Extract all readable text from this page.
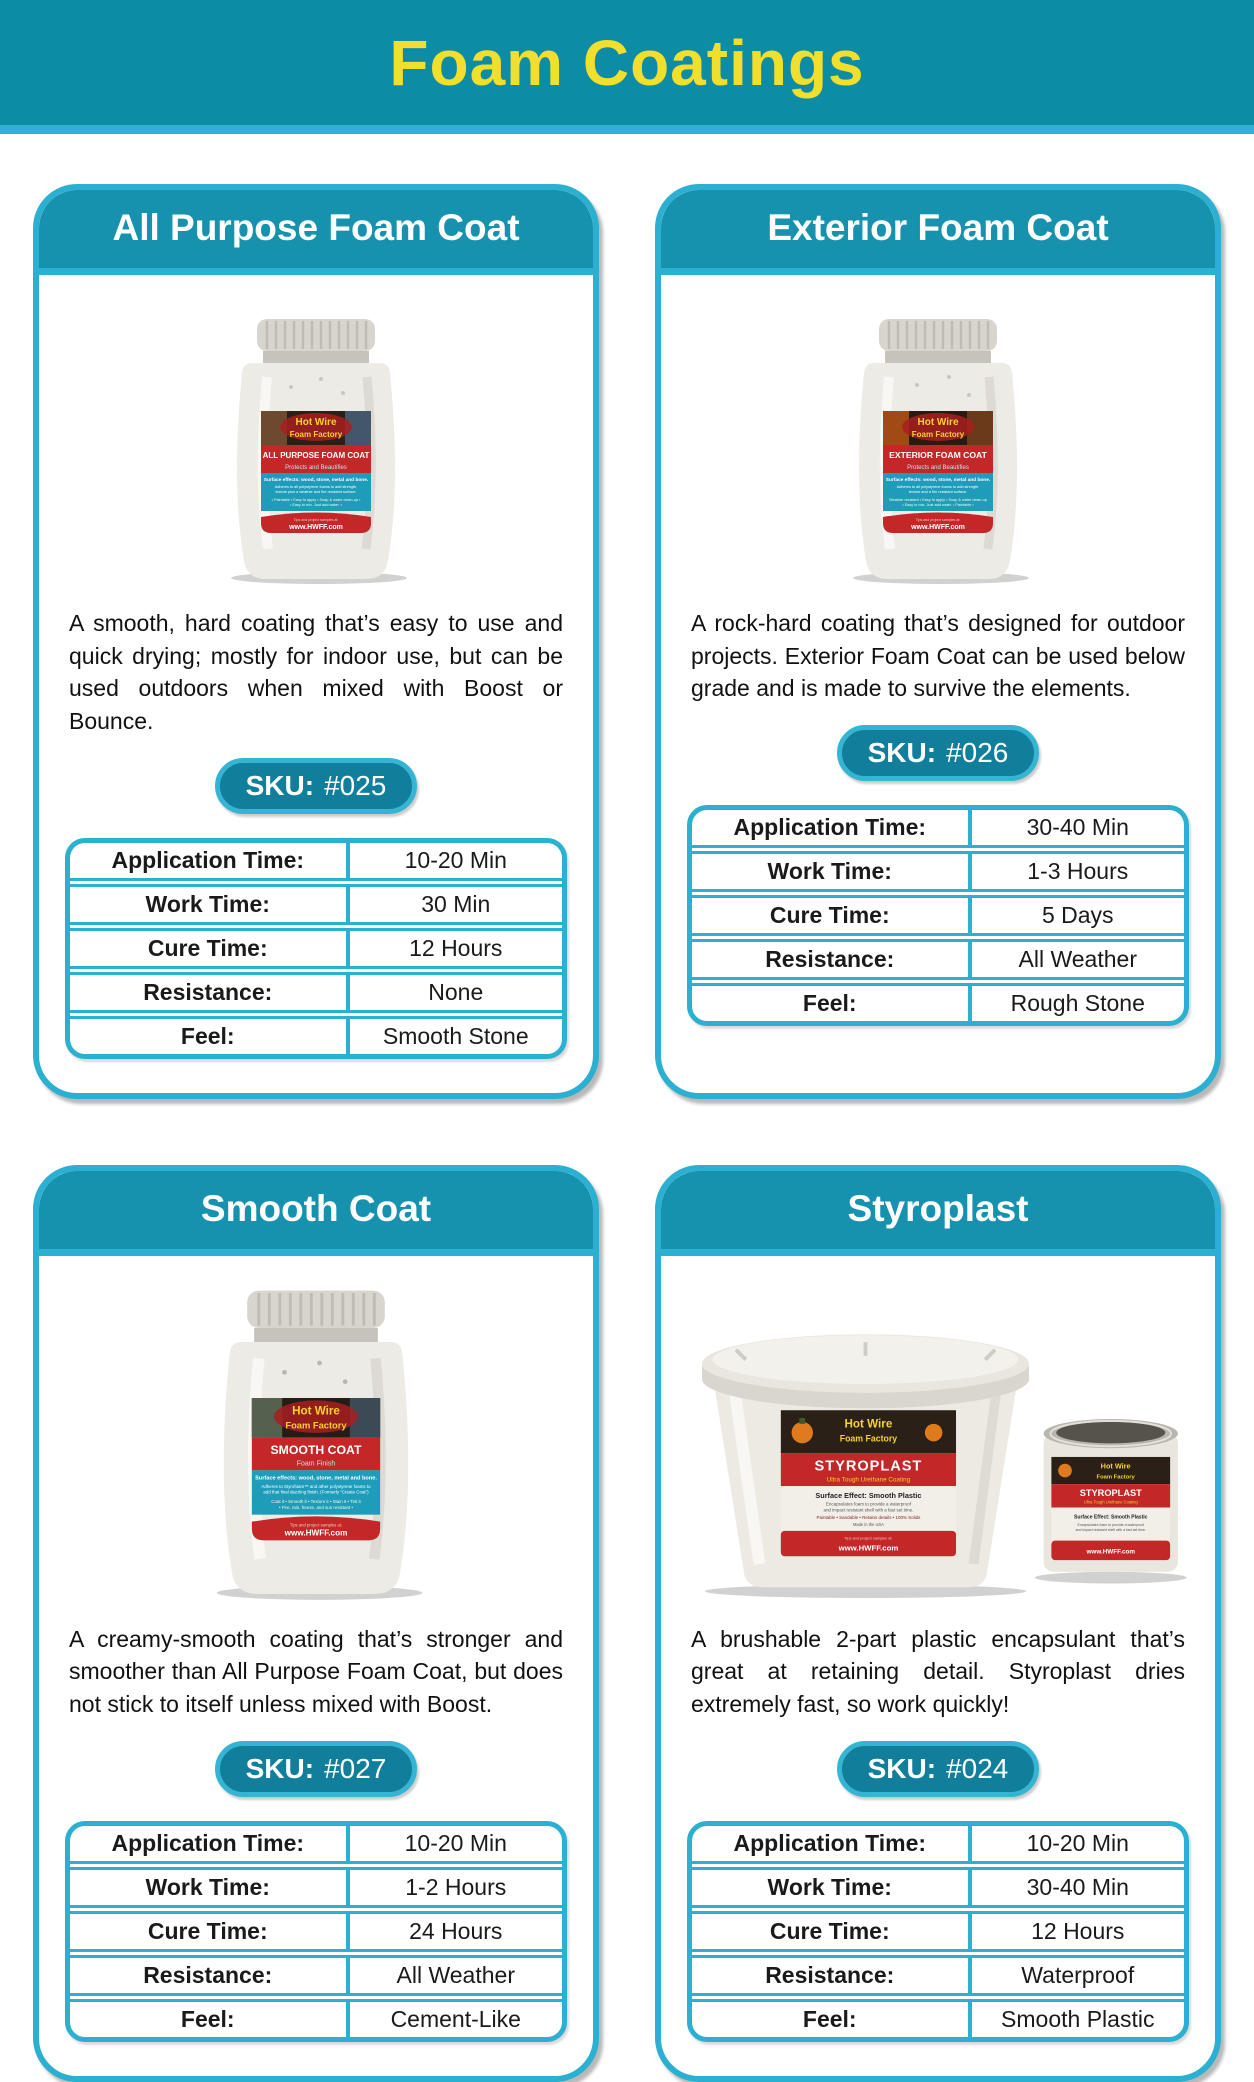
Foam Coatings
All Purpose Foam Coat
Hot Wire
Foam Factory
ALL PURPOSE FOAM COAT
Protects and Beautifies
Surface effects: wood, stone, metal and bone.
Adheres to all polystyrene foams to add strength,
texture plus a weather and fire resistant surface.
• Paintable • Easy to apply • Soap & water clean-up •
• Easy to mix. Just add water. •
Tips and project samples at:
www.HWFF.com

A smooth, hard coating that’s easy to use and quick drying; mostly for indoor use, but can be used outdoors when mixed with Boost or Bounce.

SKU: #025
Application Time:	10-20 Min
Work Time:	30 Min
Cure Time:	12 Hours
Resistance:	None
Feel:	Smooth Stone
Exterior Foam Coat
Hot Wire
Foam Factory
EXTERIOR FOAM COAT
Protects and Beautifies
Surface effects: wood, stone, metal and bone.
Adheres to all polystyrene foams to add strength,
texture and a fire resistant surface.
Weather resistant • Easy to apply • Soap & water clean-up
• Easy to mix. Just add water. • Paintable •
Tips and project samples at:
www.HWFF.com

A rock-hard coating that’s designed for outdoor projects. Exterior Foam Coat can be used below grade and is made to survive the elements.

SKU: #026
Application Time:	30-40 Min
Work Time:	1-3 Hours
Cure Time:	5 Days
Resistance:	All Weather
Feel:	Rough Stone
Smooth Coat
Hot Wire
Foam Factory
SMOOTH COAT
Foam Finish
Surface effects: wood, stone, metal and bone.
Adheres to Styrofoam™ and other polystyrene foams to
add that final dazzling finish. (Formerly “Create Coat”)
Coat it • Smooth it • Texture it • Stain it • Tint it
• Fire, rain, freeze, and sun resistant •
Tips and project samples at:
www.HWFF.com

A creamy-smooth coating that’s stronger and smoother than All Purpose Foam Coat, but does not stick to itself unless mixed with Boost.

SKU: #027
Application Time:	10-20 Min
Work Time:	1-2 Hours
Cure Time:	24 Hours
Resistance:	All Weather
Feel:	Cement-Like
Styroplast
Hot Wire
Foam Factory
STYROPLAST
Ultra Tough Urethane Coating
Surface Effect: Smooth Plastic
Encapsulates foam to provide a waterproof
and impact resistant shell with a fast set time.
Paintable • Sandable • Retains details • 100% Solids
Made in the USA
Tips and project samples at:
www.HWFF.com
Hot Wire
Foam Factory
STYROPLAST
Ultra Tough Urethane Coating
Surface Effect: Smooth Plastic
Encapsulates foam to provide a waterproof
and impact resistant shell with a fast set time.
www.HWFF.com

A brushable 2-part plastic encapsulant that’s great at retaining detail. Styroplast dries extremely fast, so work quickly!

SKU: #024
Application Time:	10-20 Min
Work Time:	30-40 Min
Cure Time:	12 Hours
Resistance:	Waterproof
Feel:	Smooth Plastic
